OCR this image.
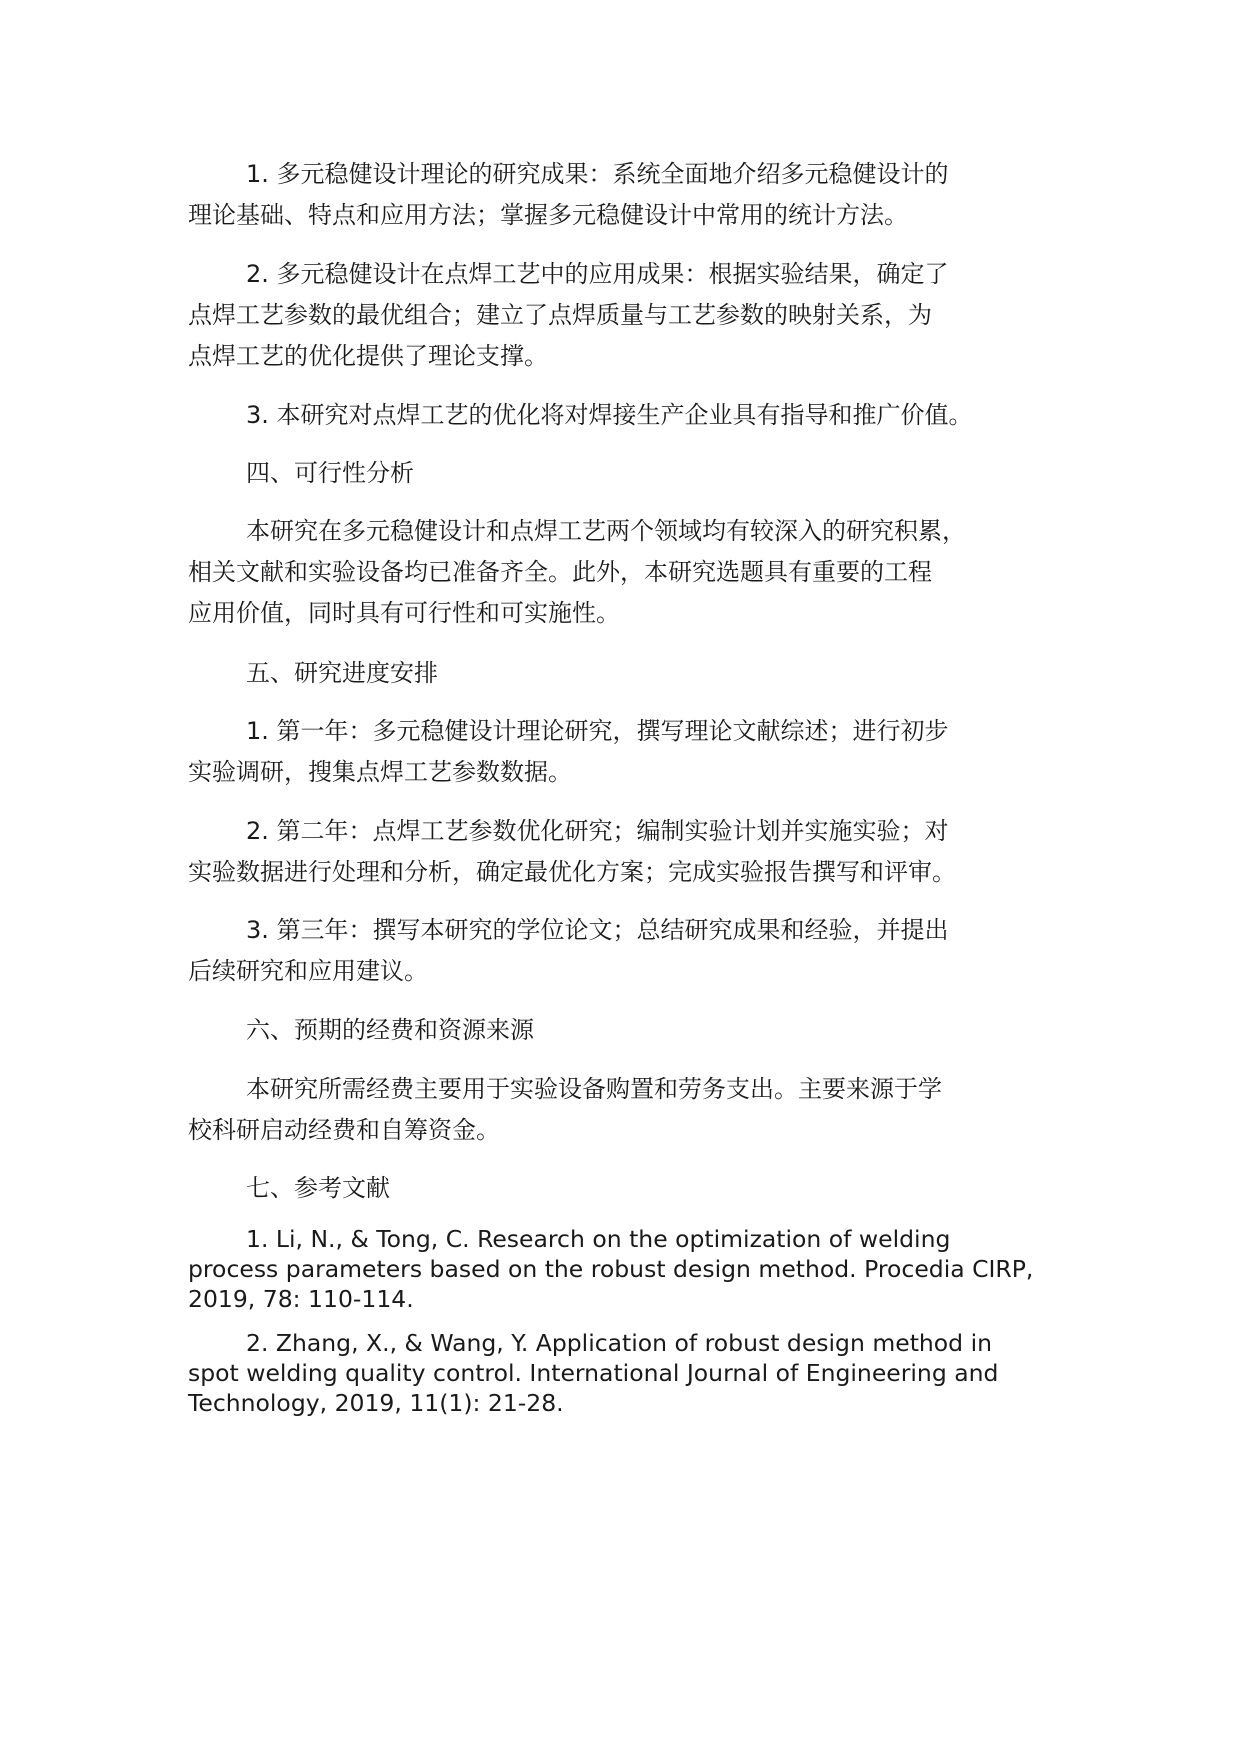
1. 多元稳健设计理论的研究成果：系统全面地介绍多元稳健设计的
理论基础、特点和应用方法；掌握多元稳健设计中常用的统计方法。
2. 多元稳健设计在点焊工艺中的应用成果：根据实验结果，确定了
点焊工艺参数的最优组合；建立了点焊质量与工艺参数的映射关系，为
点焊工艺的优化提供了理论支撑。
3. 本研究对点焊工艺的优化将对焊接生产企业具有指导和推广价值。
四、可行性分析
本研究在多元稳健设计和点焊工艺两个领域均有较深入的研究积累，
相关文献和实验设备均已准备齐全。此外，本研究选题具有重要的工程
应用价值，同时具有可行性和可实施性。
五、研究进度安排
1. 第一年：多元稳健设计理论研究，撰写理论文献综述；进行初步
实验调研，搜集点焊工艺参数数据。
2. 第二年：点焊工艺参数优化研究；编制实验计划并实施实验；对
实验数据进行处理和分析，确定最优化方案；完成实验报告撰写和评审。
3. 第三年：撰写本研究的学位论文；总结研究成果和经验，并提出
后续研究和应用建议。
六、预期的经费和资源来源
本研究所需经费主要用于实验设备购置和劳务支出。主要来源于学
校科研启动经费和自筹资金。
七、参考文献
1. Li, N., & Tong, C. Research on the optimization of welding
process parameters based on the robust design method. Procedia CIRP,
2019, 78: 110-114.
2. Zhang, X., & Wang, Y. Application of robust design method in
spot welding quality control. International Journal of Engineering and
Technology, 2019, 11(1): 21-28.
